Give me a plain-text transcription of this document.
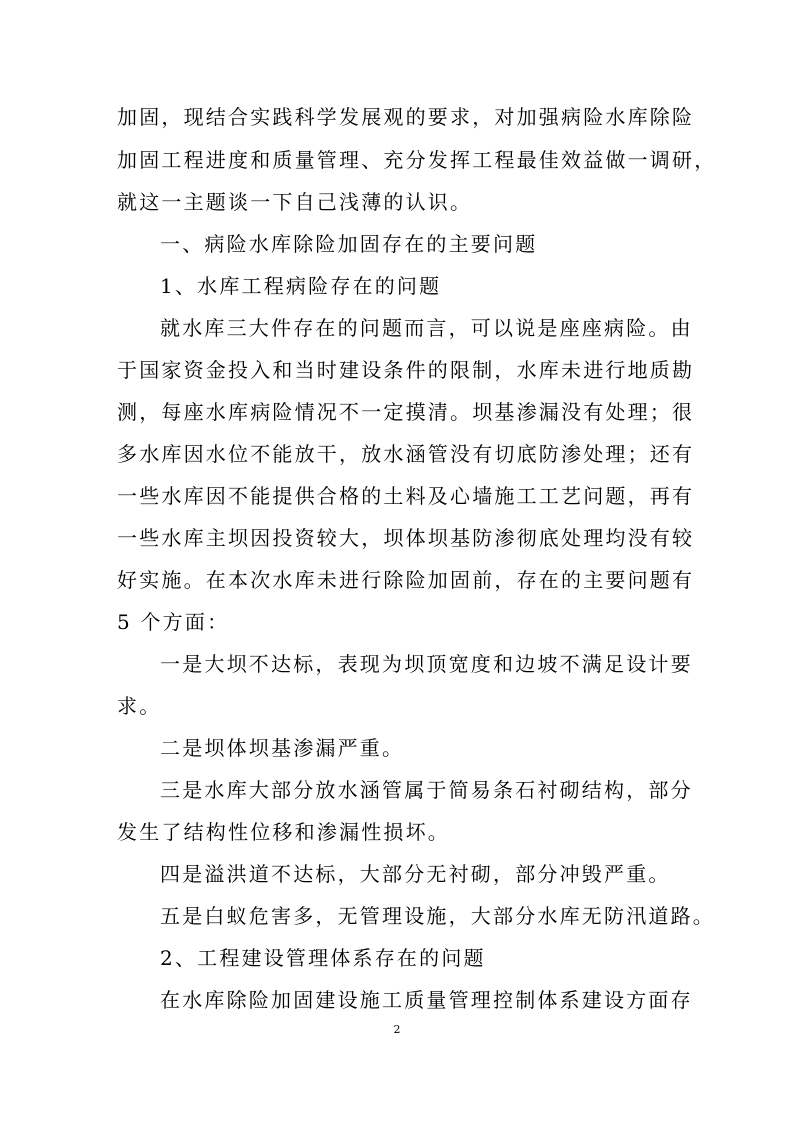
加固，现结合实践科学发展观的要求，对加强病险水库除险
加固工程进度和质量管理、充分发挥工程最佳效益做一调研，
就这一主题谈一下自己浅薄的认识。
一、病险水库除险加固存在的主要问题
1、水库工程病险存在的问题
就水库三大件存在的问题而言，可以说是座座病险。由
于国家资金投入和当时建设条件的限制，水库未进行地质勘
测，每座水库病险情况不一定摸清。坝基渗漏没有处理；很
多水库因水位不能放干，放水涵管没有切底防渗处理；还有
一些水库因不能提供合格的土料及心墙施工工艺问题，再有
一些水库主坝因投资较大，坝体坝基防渗彻底处理均没有较
好实施。在本次水库未进行除险加固前，存在的主要问题有
5 个方面：
一是大坝不达标，表现为坝顶宽度和边坡不满足设计要
求。
二是坝体坝基渗漏严重。
三是水库大部分放水涵管属于简易条石衬砌结构，部分
发生了结构性位移和渗漏性损坏。
四是溢洪道不达标，大部分无衬砌，部分冲毁严重。
五是白蚁危害多，无管理设施，大部分水库无防汛道路。
2、工程建设管理体系存在的问题
在水库除险加固建设施工质量管理控制体系建设方面存
2
